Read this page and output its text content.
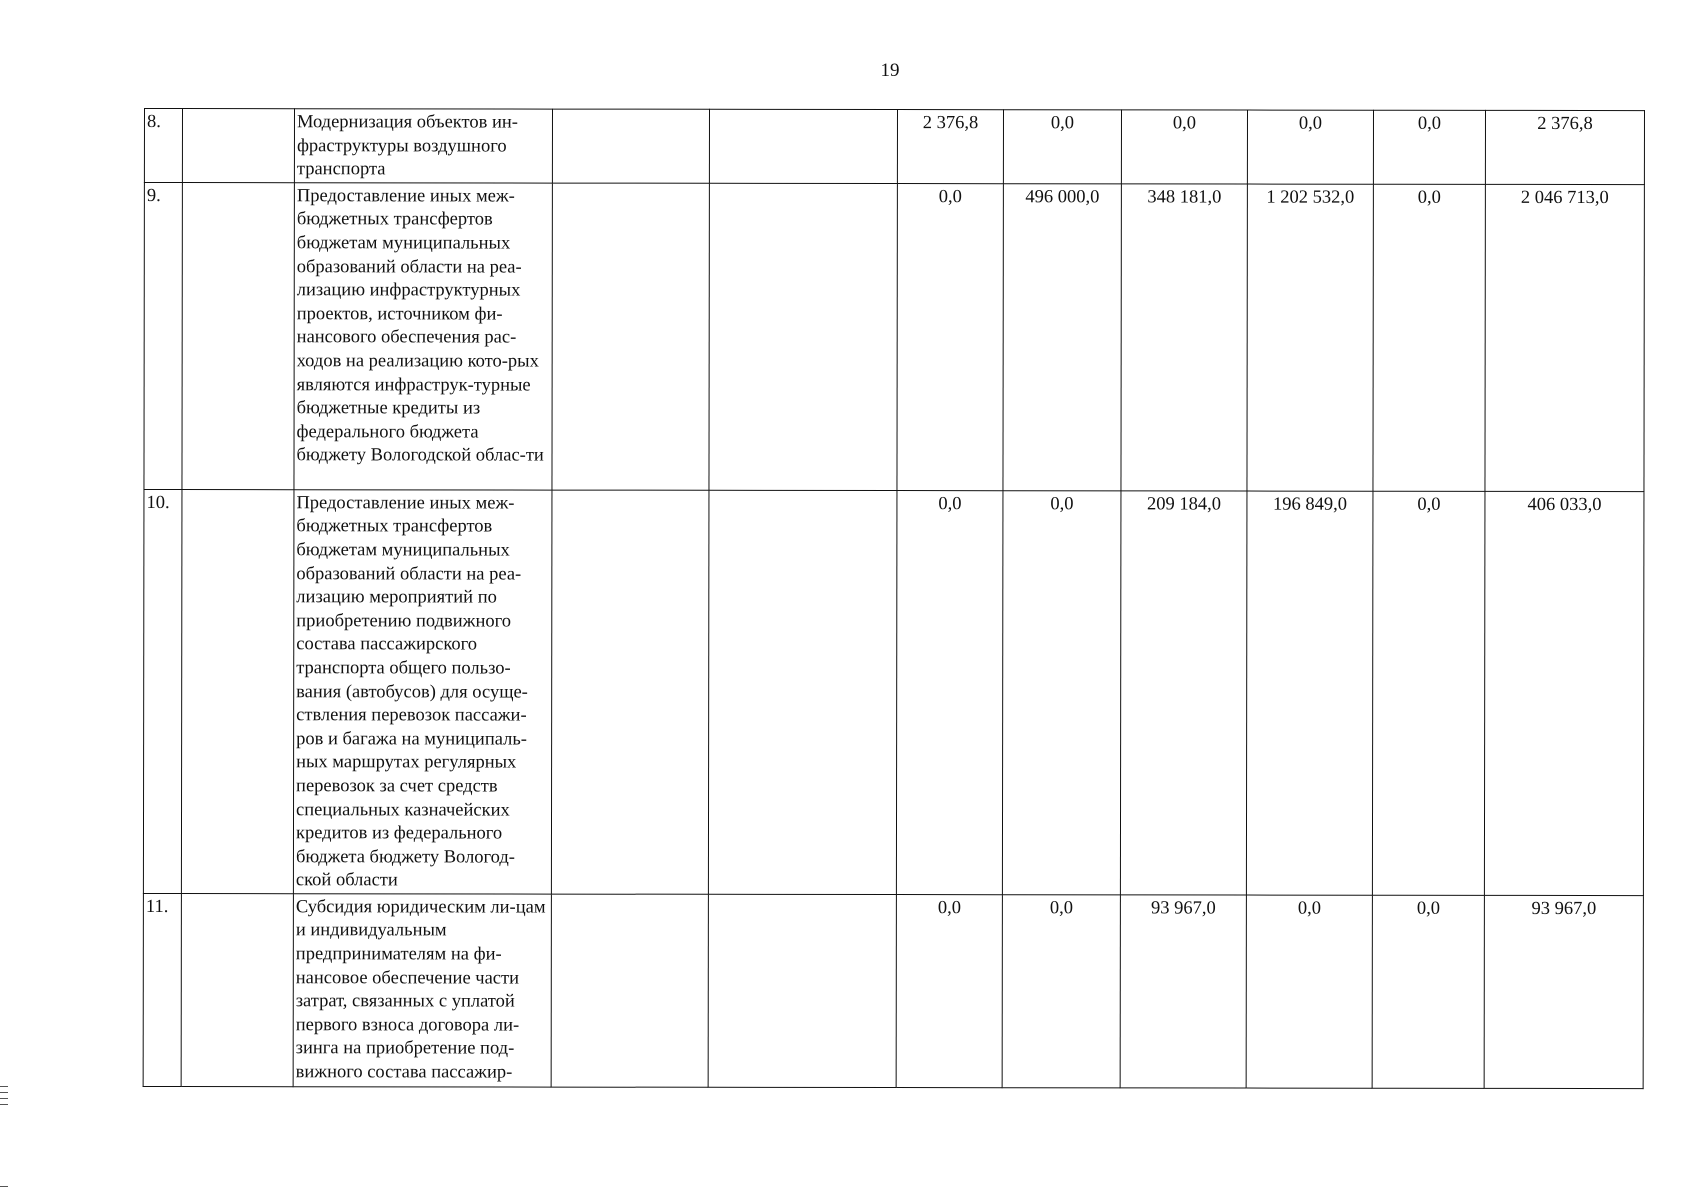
19
8.		Модернизация объектов ин-фраструктуры воздушного транспорта			2 376,8	0,0	0,0	0,0	0,0	2 376,8
9.		Предоставление иных меж-бюджетных трансфертов бюджетам муниципальных образований области на реа-лизацию инфраструктурных проектов, источником фи-нансового обеспечения рас-ходов на реализацию кото-рых являются инфраструк-турные бюджетные кредиты из федерального бюджета бюджету Вологодской облас-ти			0,0	496 000,0	348 181,0	1 202 532,0	0,0	2 046 713,0
10.		Предоставление иных меж-бюджетных трансфертов бюджетам муниципальных образований области на реа-лизацию мероприятий по приобретению подвижного состава пассажирского транспорта общего пользо-вания (автобусов) для осуще-ствления перевозок пассажи-ров и багажа на муниципаль-ных маршрутах регулярных перевозок за счет средств специальных казначейских кредитов из федерального бюджета бюджету Вологод-ской области			0,0	0,0	209 184,0	196 849,0	0,0	406 033,0
11.		Субсидия юридическим ли-цам и индивидуальным предпринимателям на фи-нансовое обеспечение части затрат, связанных с уплатой первого взноса договора ли-зинга на приобретение под-вижного состава пассажир-			0,0	0,0	93 967,0	0,0	0,0	93 967,0
